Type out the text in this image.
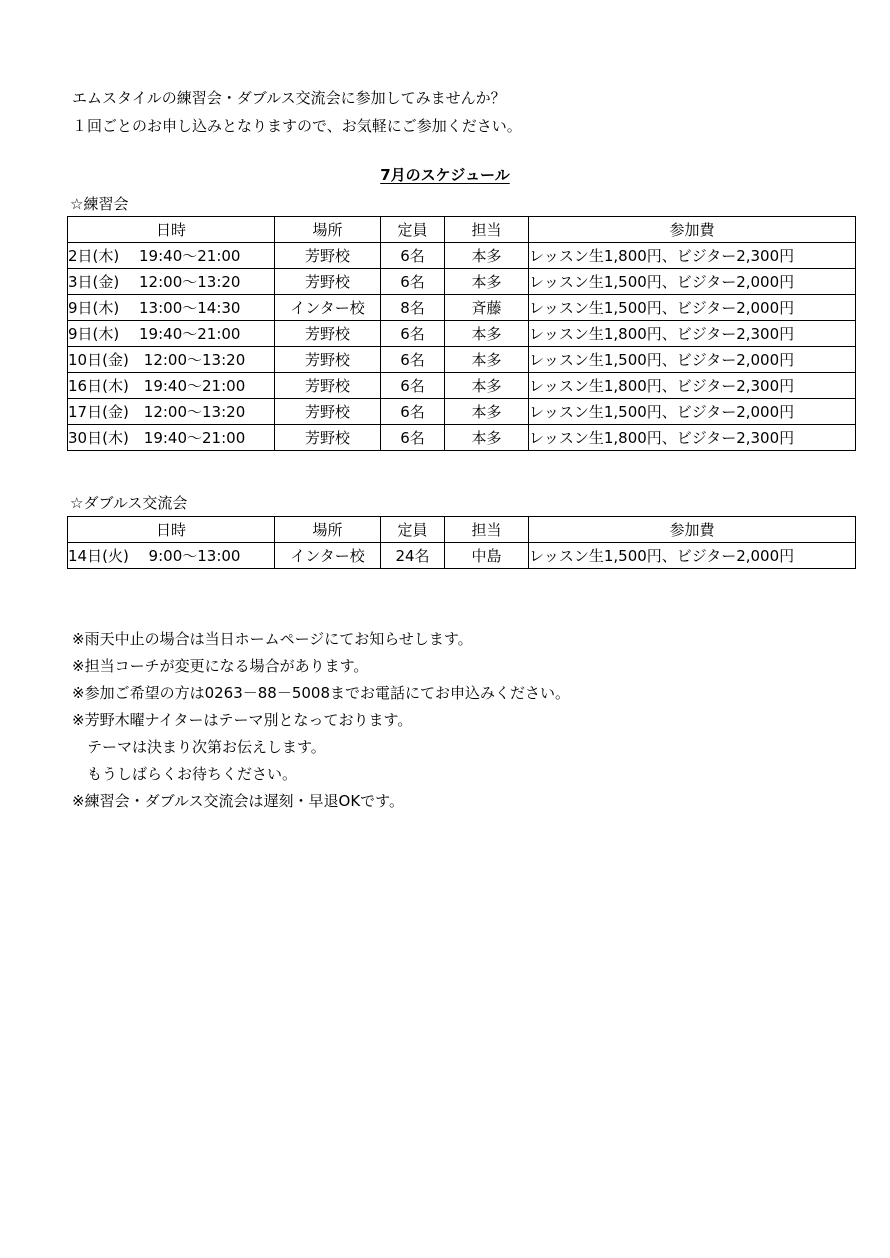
エムスタイルの練習会・ダブルス交流会に参加してみませんか？
１回ごとのお申し込みとなりますので、お気軽にご参加ください。
7月のスケジュール
☆練習会
日時	場所	定員	担当	参加費
2日(木)　 19:40～21:00	芳野校	6名	本多	レッスン生1,800円、ビジター2,300円
3日(金)　 12:00～13:20	芳野校	6名	本多	レッスン生1,500円、ビジター2,000円
9日(木)　 13:00～14:30	インター校	8名	斉藤	レッスン生1,500円、ビジター2,000円
9日(木)　 19:40～21:00	芳野校	6名	本多	レッスン生1,800円、ビジター2,300円
10日(金)　12:00～13:20	芳野校	6名	本多	レッスン生1,500円、ビジター2,000円
16日(木)　19:40～21:00	芳野校	6名	本多	レッスン生1,800円、ビジター2,300円
17日(金)　12:00～13:20	芳野校	6名	本多	レッスン生1,500円、ビジター2,000円
30日(木)　19:40～21:00	芳野校	6名	本多	レッスン生1,800円、ビジター2,300円
☆ダブルス交流会
日時	場所	定員	担当	参加費
14日(火)　 9:00～13:00	インター校	24名	中島	レッスン生1,500円、ビジター2,000円
※雨天中止の場合は当日ホームページにてお知らせします。
※担当コーチが変更になる場合があります。
※参加ご希望の方は0263－88－5008までお電話にてお申込みください。
※芳野木曜ナイターはテーマ別となっております。
　テーマは決まり次第お伝えします。
　もうしばらくお待ちください。
※練習会・ダブルス交流会は遅刻・早退OKです。
